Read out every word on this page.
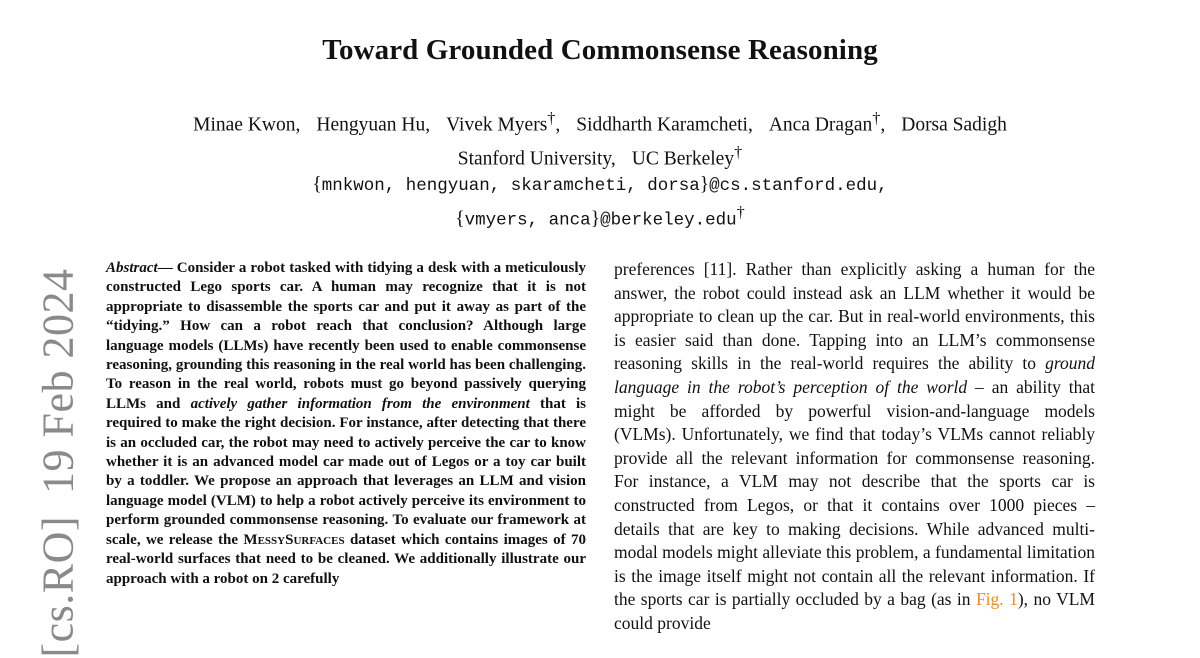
Toward Grounded Commonsense Reasoning
Minae Kwon, Hengyuan Hu, Vivek Myers†, Siddharth Karamcheti, Anca Dragan†, Dorsa Sadigh
Stanford University, UC Berkeley†
{mnkwon, hengyuan, skaramcheti, dorsa}@cs.stanford.edu,
{vmyers, anca}@berkeley.edu†
[cs.RO]19 Feb 2024
Abstract— Consider a robot tasked with tidying a desk with a meticulously constructed Lego sports car. A human may recognize that it is not appropriate to disassemble the sports car and put it away as part of the “tidying.” How can a robot reach that conclusion? Although large language models (LLMs) have recently been used to enable commonsense reasoning, grounding this reasoning in the real world has been challenging. To reason in the real world, robots must go beyond passively querying LLMs and actively gather information from the environment that is required to make the right decision. For instance, after detecting that there is an occluded car, the robot may need to actively perceive the car to know whether it is an advanced model car made out of Legos or a toy car built by a toddler. We propose an approach that leverages an LLM and vision language model (VLM) to help a robot actively perceive its environment to perform grounded commonsense reasoning. To evaluate our framework at scale, we release the MessySurfaces dataset which contains images of 70 real-world surfaces that need to be cleaned. We additionally illustrate our approach with a robot on 2 carefully
preferences [11]. Rather than explicitly asking a human for the answer, the robot could instead ask an LLM whether it would be appropriate to clean up the car. But in real-world environments, this is easier said than done. Tapping into an LLM’s commonsense reasoning skills in the real-world requires the ability to ground language in the robot’s perception of the world – an ability that might be afforded by powerful vision-and-language models (VLMs). Unfortunately, we find that today’s VLMs cannot reliably provide all the relevant information for commonsense reasoning. For instance, a VLM may not describe that the sports car is constructed from Legos, or that it contains over 1000 pieces – details that are key to making decisions. While advanced multi-modal models might alleviate this problem, a fundamental limitation is the image itself might not contain all the relevant information. If the sports car is partially occluded by a bag (as in Fig. 1), no VLM could provide
